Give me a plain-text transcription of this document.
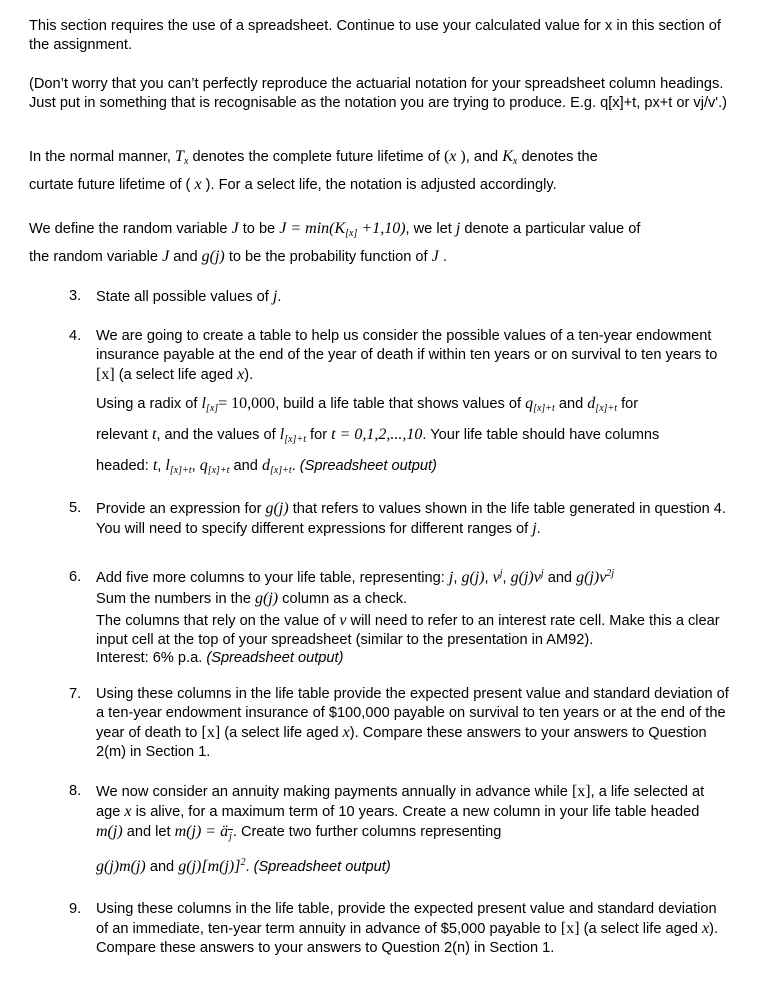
This section requires the use of a spreadsheet. Continue to use your calculated value for x in this section of the assignment.
(Don’t worry that you can’t perfectly reproduce the actuarial notation for your spreadsheet column headings. Just put in something that is recognisable as the notation you are trying to produce. E.g. q[x]+t, px+t or vj/v'.)
In the normal manner, $T_x$ denotes the complete future lifetime of (x ), and $K_x$ denotes the
curtate future lifetime of ( x ). For a select life, the notation is adjusted accordingly.
We define the random variable J to be $J = \min(K_{[x]} +1,10)$, we let j denote a particular value of
the random variable J and g(j) to be the probability function of J .
3.	State all possible values of j.
4.	We are going to create a table to help us consider the possible values of a ten-year endowment insurance payable at the end of the year of death if within ten years or on survival to ten years to [x] (a select life aged x).
Using a radix of $l_{[x]}= 10,000$, build a life table that shows values of $q_{[x]+t}$ and $d_{[x]+t}$ for
relevant t, and the values of $l_{[x]+t}$ for t = 0,1,2,...,10. Your life table should have columns
headed: t, $l_{[x]+t}$, $q_{[x]+t}$ and $d_{[x]+t}$. (Spreadsheet output)
5.	Provide an expression for g(j) that refers to values shown in the life table generated in question 4. You will need to specify different expressions for different ranges of j.
6.	Add five more columns to your life table, representing: j, g(j), $v^j$, $g(j)v^j$ and $g(j)v^{2j}$
Sum the numbers in the g(j) column as a check.
The columns that rely on the value of v will need to refer to an interest rate cell. Make this a clear input cell at the top of your spreadsheet (similar to the presentation in AM92).
Interest: 6% p.a. (Spreadsheet output)
7.	Using these columns in the life table provide the expected present value and standard deviation of a ten-year endowment insurance of $100,000 payable on survival to ten years or at the end of the year of death to [x] (a select life aged x). Compare these answers to your answers to Question 2(m) in Section 1.
8.	We now consider an annuity making payments annually in advance while [x], a life selected at age x is alive, for a maximum term of 10 years. Create a new column in your life table headed m(j) and let $m(j) = ä_j$. Create two further columns representing
g(j)m(j) and $g(j)[m(j)]^2$. (Spreadsheet output)
9.	Using these columns in the life table, provide the expected present value and standard deviation of an immediate, ten-year term annuity in advance of $5,000 payable to [x] (a select life aged x). Compare these answers to your answers to Question 2(n) in Section 1.
